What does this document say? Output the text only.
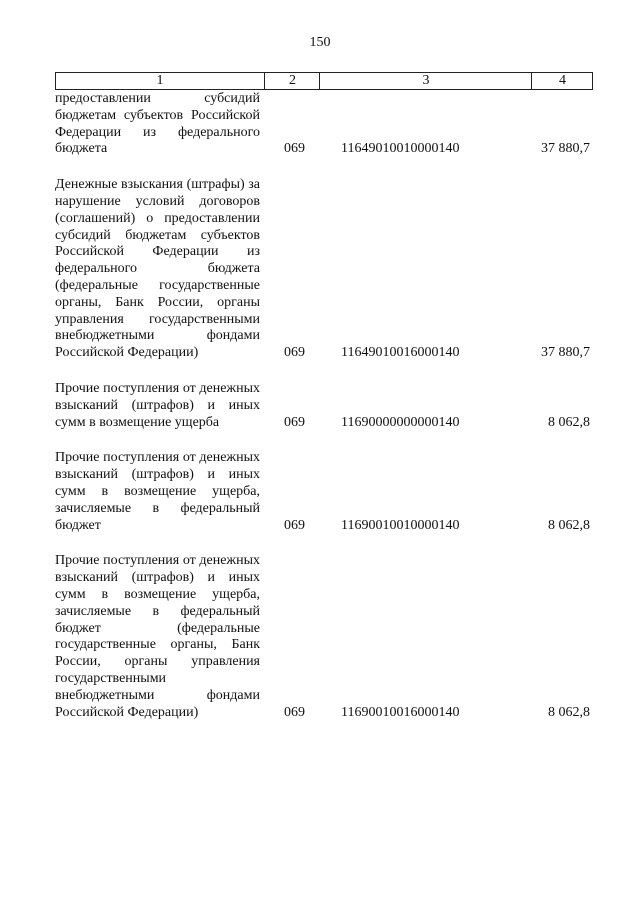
150
1	2	3	4
предоставлении субсидий бюджетам субъектов Российской Федерации из федерального бюджета	069	11649010010000140	37 880,7
Денежные взыскания (штрафы) за нарушение условий договоров (соглашений) о предоставлении субсидий бюджетам субъектов Российской Федерации из федерального бюджета (федеральные государственные органы, Банк России, органы управления государственными внебюджетными фондами Российской Федерации)	069	11649010016000140	37 880,7
Прочие поступления от денежных взысканий (штрафов) и иных сумм в возмещение ущерба	069	11690000000000140	8 062,8
Прочие поступления от денежных взысканий (штрафов) и иных сумм в возмещение ущерба, зачисляемые в федеральный бюджет	069	11690010010000140	8 062,8
Прочие поступления от денежных взысканий (штрафов) и иных сумм в возмещение ущерба, зачисляемые в федеральный бюджет (федеральные государственные органы, Банк России, органы управления государственными внебюджетными фондами Российской Федерации)	069	11690010016000140	8 062,8
